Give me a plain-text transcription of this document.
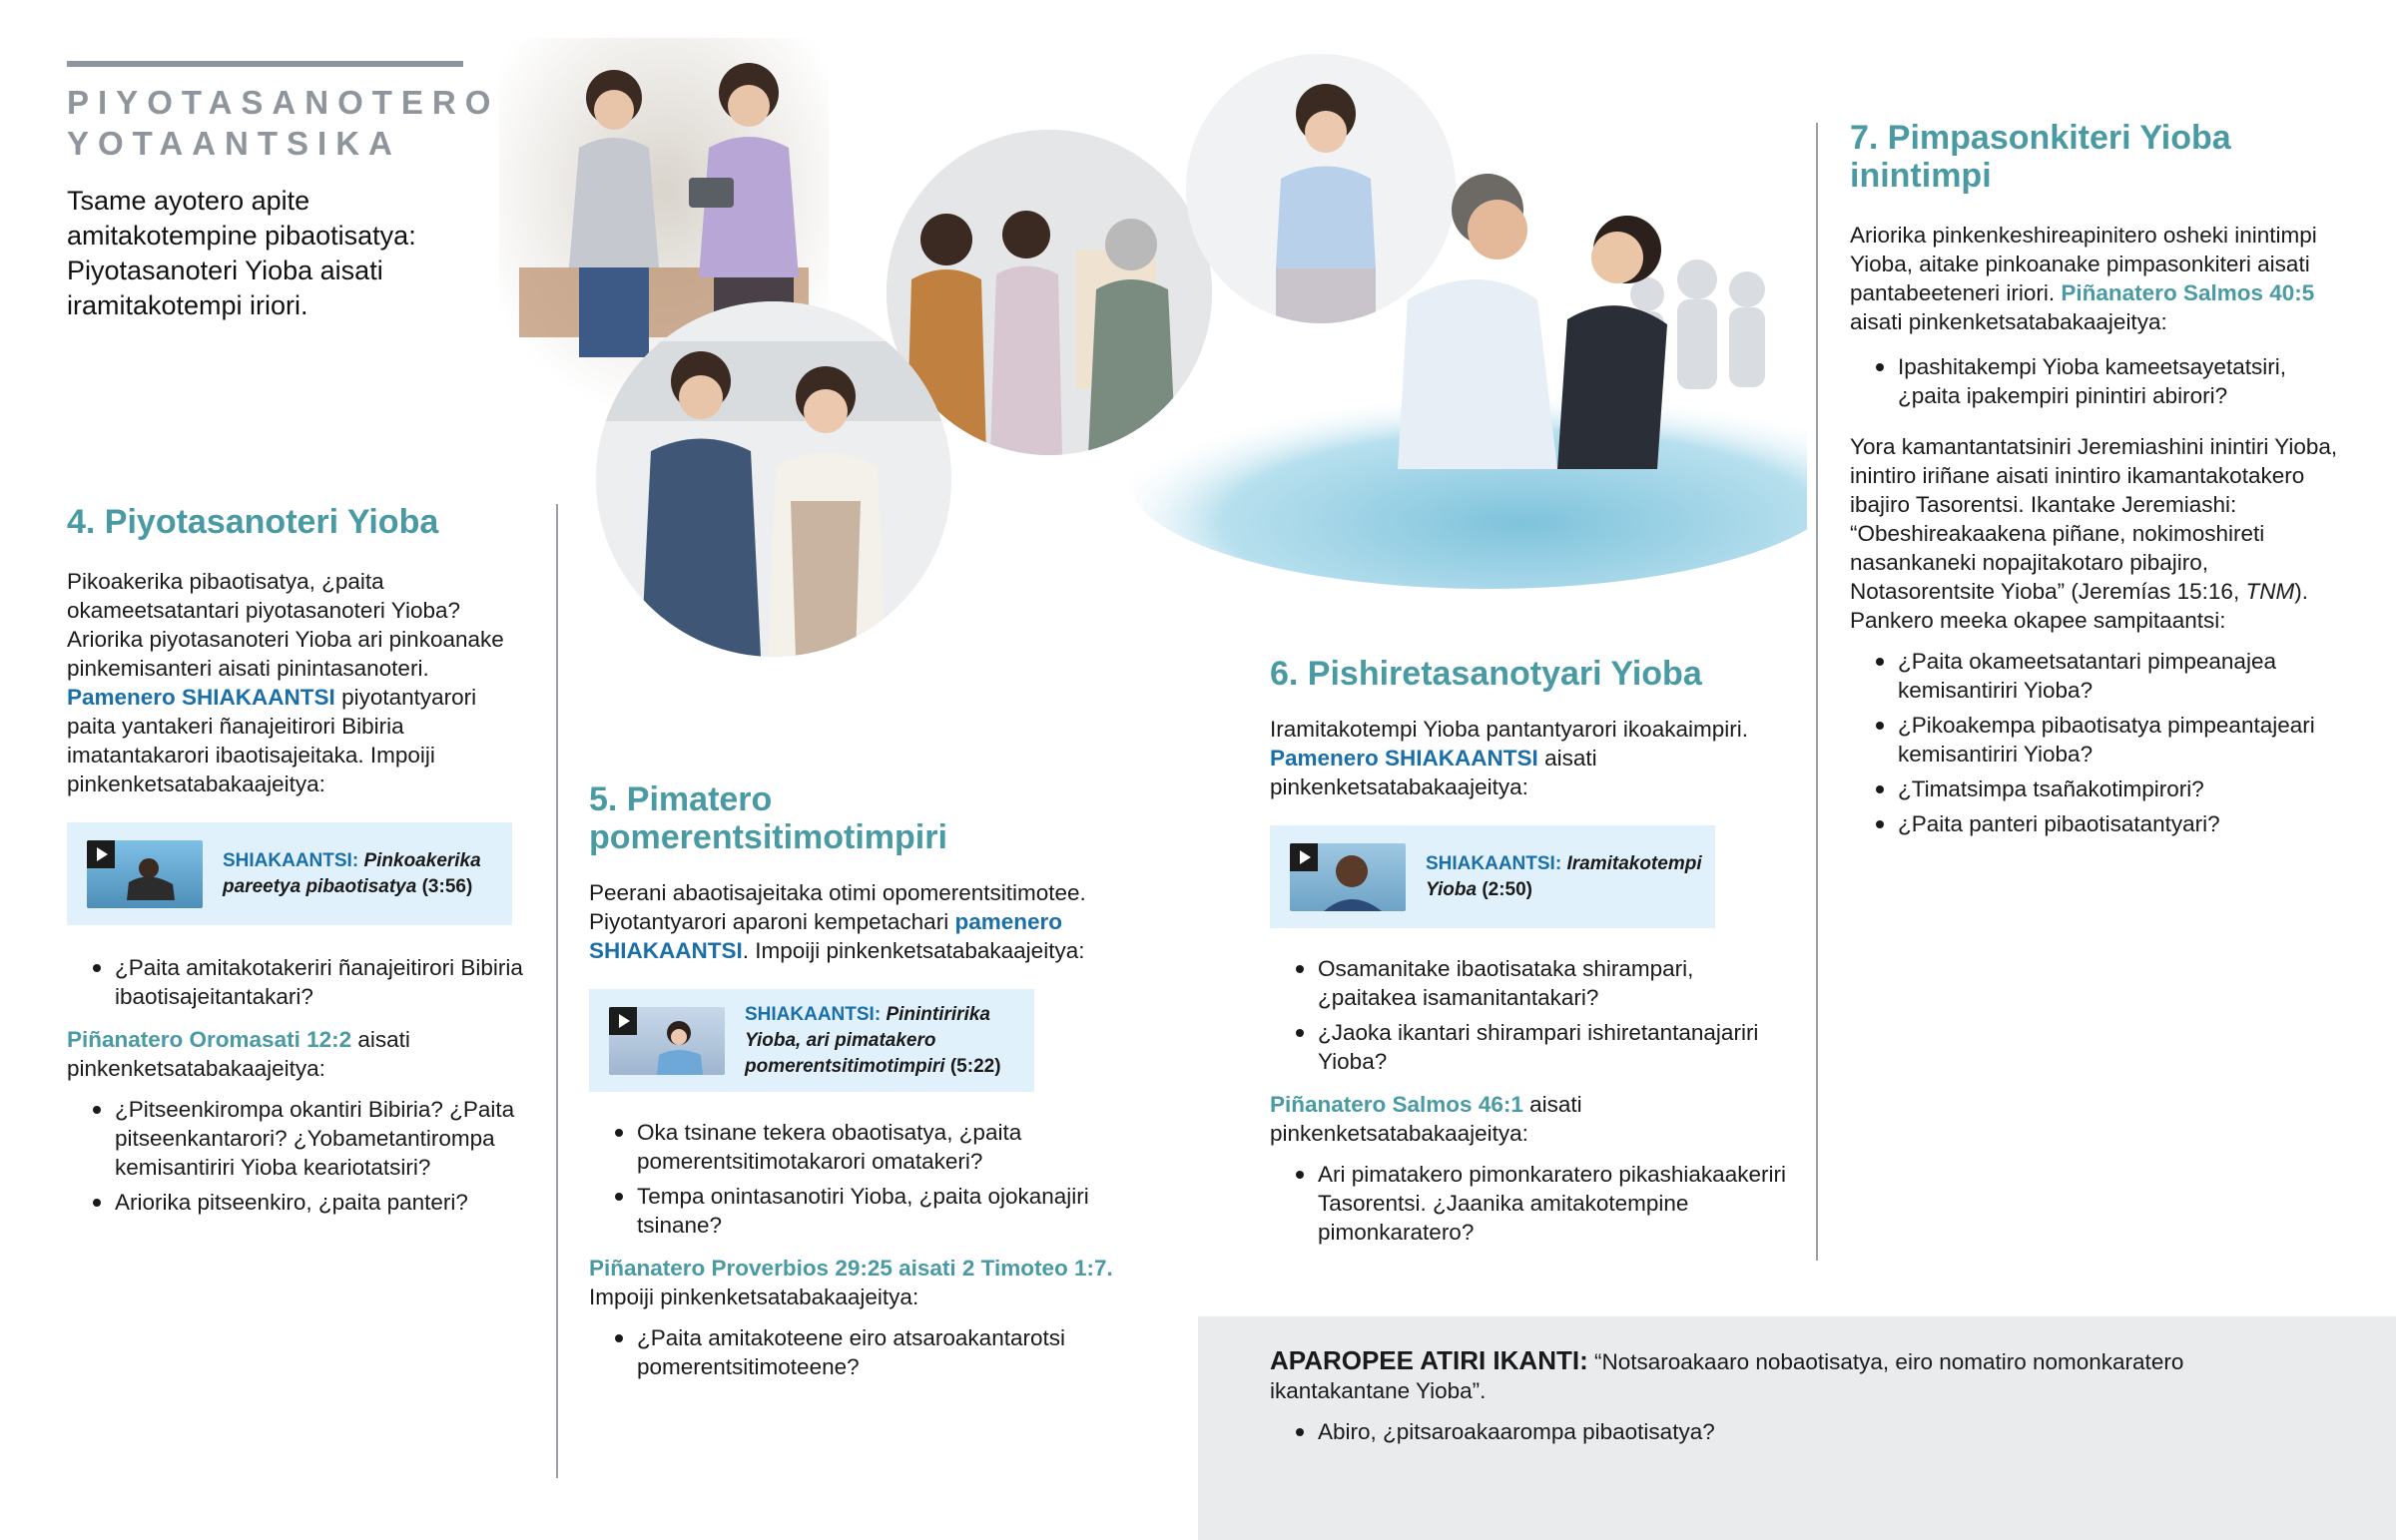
PIYOTASANOTERO
YOTAANTSIKA
Tsame ayotero apite amitakotempine pibaotisatya: Piyotasanoteri Yioba aisati iramitakotempi iriori.
4. Piyotasanoteri Yioba
Pikoakerika pibaotisatya, ¿paita okameetsatantari piyotasanoteri Yioba? Ariorika piyotasanoteri Yioba ari pinkoanake pinkemisanteri aisati pinintasanoteri. Pamenero SHIAKAANTSI piyotantyarori paita yantakeri ñanajeitirori Bibiria imatantakarori ibaotisajeitaka. Impoiji pinkenketsatabakaajeitya:
SHIAKAANTSI: Pinkoakerika pareetya pibaotisatya (3:56)
¿Paita amitakotakeriri ñanajeitirori Bibiria ibaotisajeitantakari?
Piñanatero Oromasati 12:2 aisati pinkenketsatabakaajeitya:
¿Pitseenkirompa okantiri Bibiria? ¿Paita pitseenkantarori? ¿Yobametantirompa kemisantiriri Yioba keariotatsiri?
Ariorika pitseenkiro, ¿paita panteri?
5. Pimatero pomerentsitimotimpiri
Peerani abaotisajeitaka otimi opomerentsitimotee. Piyotantyarori aparoni kempetachari pamenero SHIAKAANTSI. Impoiji pinkenketsatabakaajeitya:
SHIAKAANTSI: Pinintiririka Yioba, ari pimatakero pomerentsitimotimpiri (5:22)
Oka tsinane tekera obaotisatya, ¿paita pomerentsitimotakarori omatakeri?
Tempa onintasanotiri Yioba, ¿paita ojokanajiri tsinane?
Piñanatero Proverbios 29:25 aisati 2 Timoteo 1:7.
Impoiji pinkenketsatabakaajeitya:
¿Paita amitakoteene eiro atsaroakantarotsi pomerentsitimoteene?
6. Pishiretasanotyari Yioba
Iramitakotempi Yioba pantantyarori ikoakaimpiri. Pamenero SHIAKAANTSI aisati pinkenketsatabakaajeitya:
SHIAKAANTSI: Iramitakotempi Yioba (2:50)
Osamanitake ibaotisataka shirampari, ¿paitakea isamanitantakari?
¿Jaoka ikantari shirampari ishiretantanajariri Yioba?
Piñanatero Salmos 46:1 aisati pinkenketsatabakaajeitya:
Ari pimatakero pimonkaratero pikashiakaakeriri Tasorentsi. ¿Jaanika amitakotempine pimonkaratero?
7. Pimpasonkiteri Yioba
inintimpi
Ariorika pinkenkeshireapinitero osheki inintimpi Yioba, aitake pinkoanake pimpasonkiteri aisati pantabeeteneri iriori. Piñanatero Salmos 40:5 aisati pinkenketsatabakaajeitya:
Ipashitakempi Yioba kameetsayetatsiri, ¿paita ipakempiri pinintiri abirori?
Yora kamantantatsiniri Jeremiashini inintiri Yioba, inintiro iriñane aisati inintiro ikamantakotakero ibajiro Tasorentsi. Ikantake Jeremiashi: “Obeshireakaakena piñane, nokimoshireti nasankaneki nopajitakotaro pibajiro, Notasorentsite Yioba” (Jeremías 15:16, TNM). Pankero meeka okapee sampitaantsi:
¿Paita okameetsatantari pimpeanajea kemisantiriri Yioba?
¿Pikoakempa pibaotisatya pimpeantajeari kemisantiriri Yioba?
¿Timatsimpa tsañakotimpirori?
¿Paita panteri pibaotisatantyari?
APAROPEE ATIRI IKANTI: “Notsaroakaaro nobaotisatya, eiro nomatiro nomonkaratero ikantakantane Yioba”.
Abiro, ¿pitsaroakaarompa pibaotisatya?
